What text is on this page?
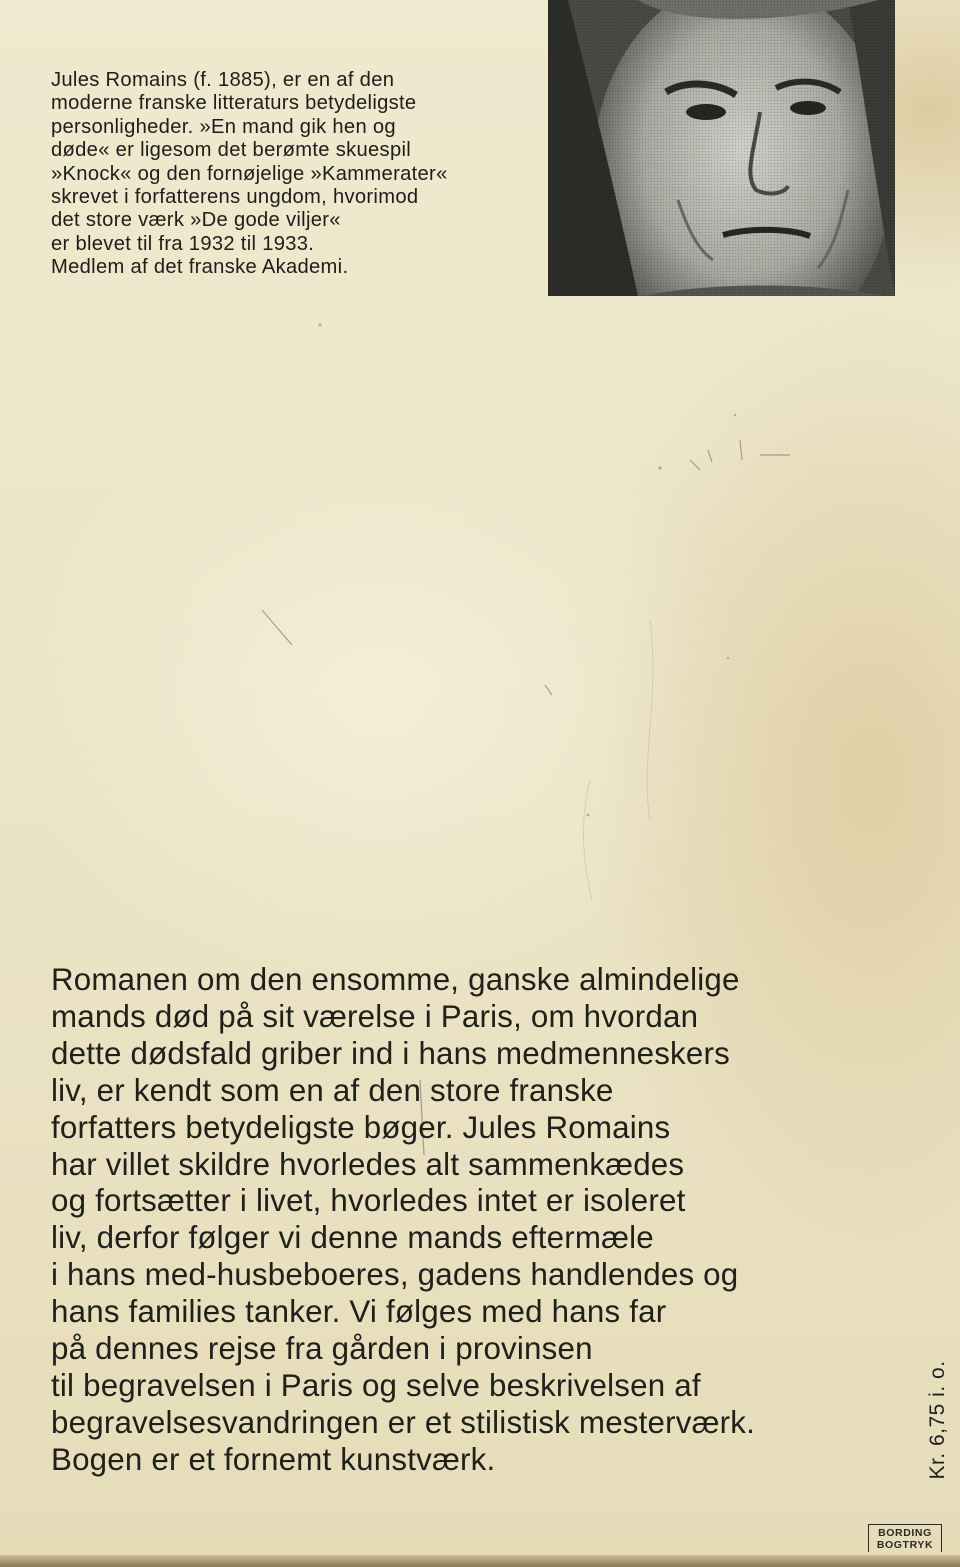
Jules Romains (f. 1885), er en af den
moderne franske litteraturs betydeligste
personligheder. »En mand gik hen og
døde« er ligesom det berømte skuespil
»Knock« og den fornøjelige »Kammerater«
skrevet i forfatterens ungdom, hvorimod
det store værk »De gode viljer«
er blevet til fra 1932 til 1933.
Medlem af det franske Akademi.

Romanen om den ensomme, ganske almindelige
mands død på sit værelse i Paris, om hvordan
dette dødsfald griber ind i hans medmenneskers
liv, er kendt som en af den store franske
forfatters betydeligste bøger. Jules Romains
har villet skildre hvorledes alt sammenkædes
og fortsætter i livet, hvorledes intet er isoleret
liv, derfor følger vi denne mands eftermæle
i hans med-husbeboeres, gadens handlendes og
hans families tanker. Vi følges med hans far
på dennes rejse fra gården i provinsen
til begravelsen i Paris og selve beskrivelsen af
begravelsesvandringen er et stilistisk mesterværk.
Bogen er et fornemt kunstværk.	Kr. 6,75 i. o.
BORDING
BOGTRYK
